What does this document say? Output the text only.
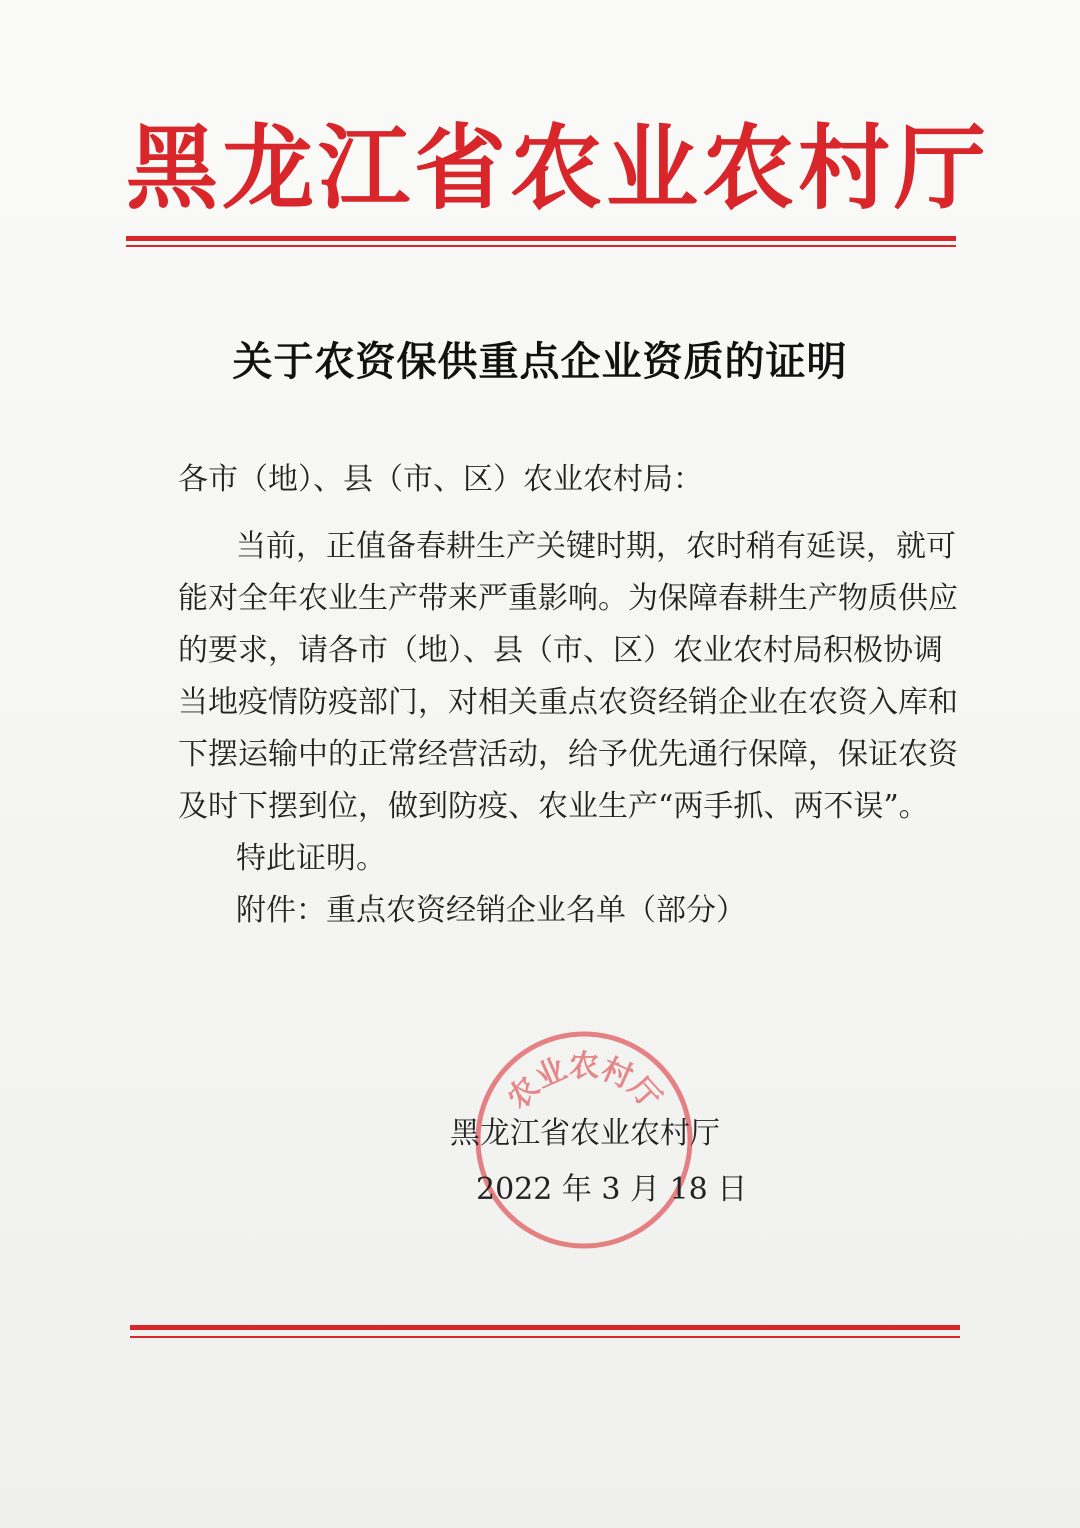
黑龙江省农业农村厅
关于农资保供重点企业资质的证明
各市（地）、县（市、区）农业农村局：
当前，正值备春耕生产关键时期，农时稍有延误，就可
能对全年农业生产带来严重影响。为保障春耕生产物质供应
的要求，请各市（地）、县（市、区）农业农村局积极协调
当地疫情防疫部门，对相关重点农资经销企业在农资入库和
下摆运输中的正常经营活动，给予优先通行保障，保证农资
及时下摆到位，做到防疫、农业生产“两手抓、两不误”。
特此证明。
附件：重点农资经销企业名单（部分）
农业农村厅
黑龙江省农业农村厅
2022 年 3 月 18 日
